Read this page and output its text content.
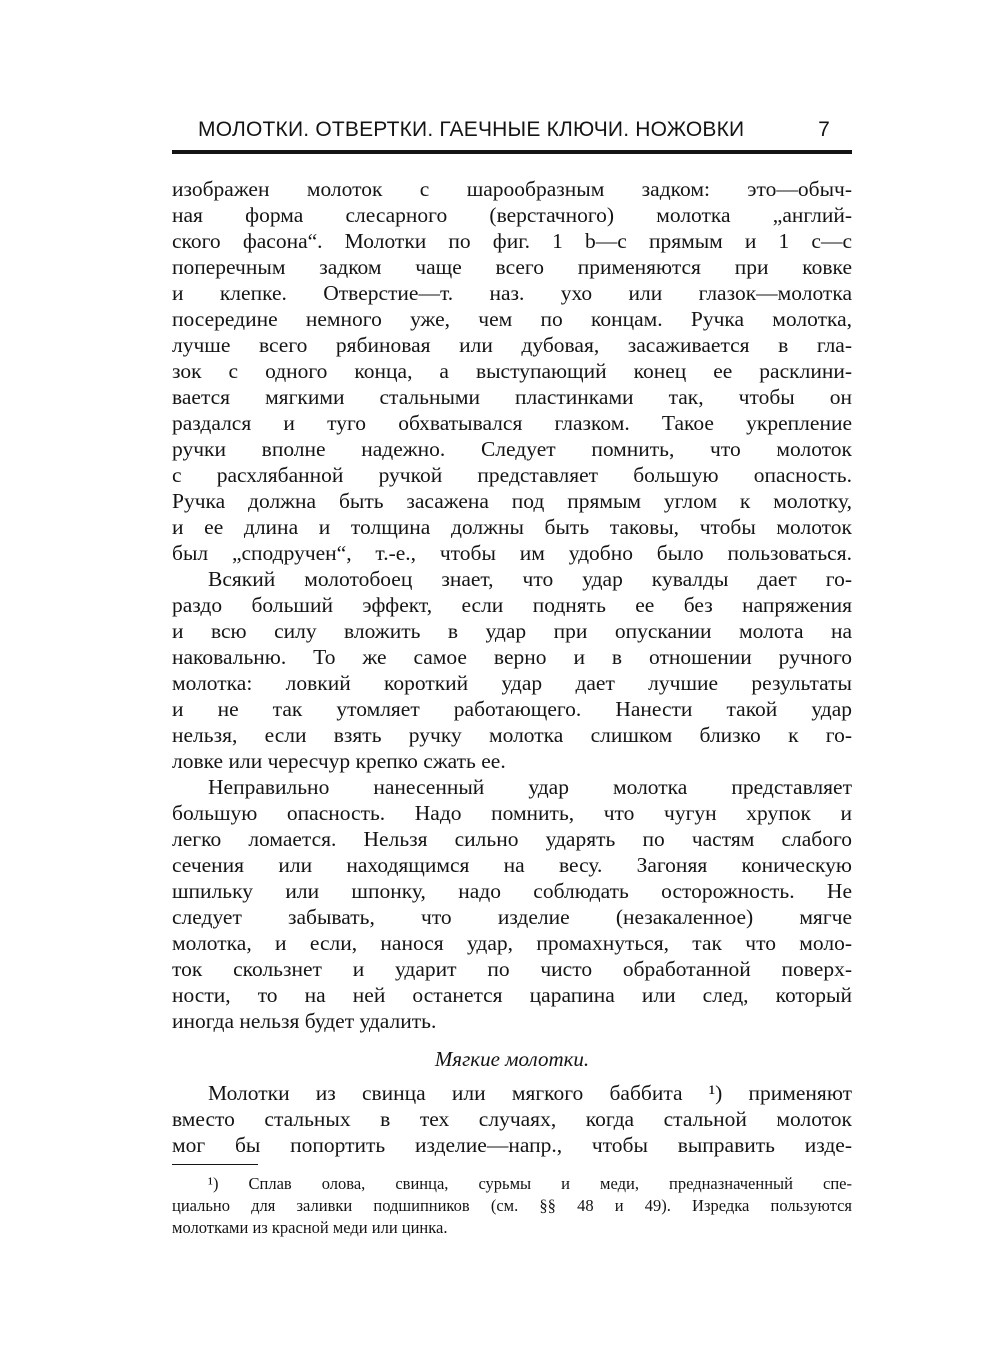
МОЛОТКИ. ОТВЕРТКИ. ГАЕЧНЫЕ КЛЮЧИ. НОЖОВКИ	7
изображен молоток с шарообразным задком: это—обыч-
ная форма слесарного (верстачного) молотка „англий-
ского фасона“. Молотки по фиг. 1 b—с прямым и 1 c—с
поперечным задком чаще всего применяются при ковке
и клепке. Отверстие—т. наз. ухо или глазок—молотка
посередине немного уже, чем по концам. Ручка молотка,
лучше всего рябиновая или дубовая, засаживается в гла-
зок с одного конца, а выступающий конец ее расклини-
вается мягкими стальными пластинками так, чтобы он
раздался и туго обхватывался глазком. Такое укрепление
ручки вполне надежно. Следует помнить, что молоток
с расхлябанной ручкой представляет большую опасность.
Ручка должна быть засажена под прямым углом к молотку,
и ее длина и толщина должны быть таковы, чтобы молоток
был „сподручен“, т.-е., чтобы им удобно было пользоваться.
Всякий молотобоец знает, что удар кувалды дает го-
раздо больший эффект, если поднять ее без напряжения
и всю силу вложить в удар при опускании молота на
наковальню. То же самое верно и в отношении ручного
молотка: ловкий короткий удар дает лучшие результаты
и не так утомляет работающего. Нанести такой удар
нельзя, если взять ручку молотка слишком близко к го-
ловке или чересчур крепко сжать ее.
Неправильно нанесенный удар молотка представляет
большую опасность. Надо помнить, что чугун хрупок и
легко ломается. Нельзя сильно ударять по частям слабого
сечения или находящимся на весу. Загоняя коническую
шпильку или шпонку, надо соблюдать осторожность. Не
следует забывать, что изделие (незакаленное) мягче
молотка, и если, нанося удар, промахнуться, так что моло-
ток скользнет и ударит по чисто обработанной поверх-
ности, то на ней останется царапина или след, который
иногда нельзя будет удалить.
Мягкие молотки.
Молотки из свинца или мягкого баббита ¹) применяют
вместо стальных в тех случаях, когда стальной молоток
мог бы попортить изделие—напр., чтобы выправить изде-
¹) Сплав олова, свинца, сурьмы и меди, предназначенный спе-
циально для заливки подшипников (см. §§ 48 и 49). Изредка пользуются
молотками из красной меди или цинка.
